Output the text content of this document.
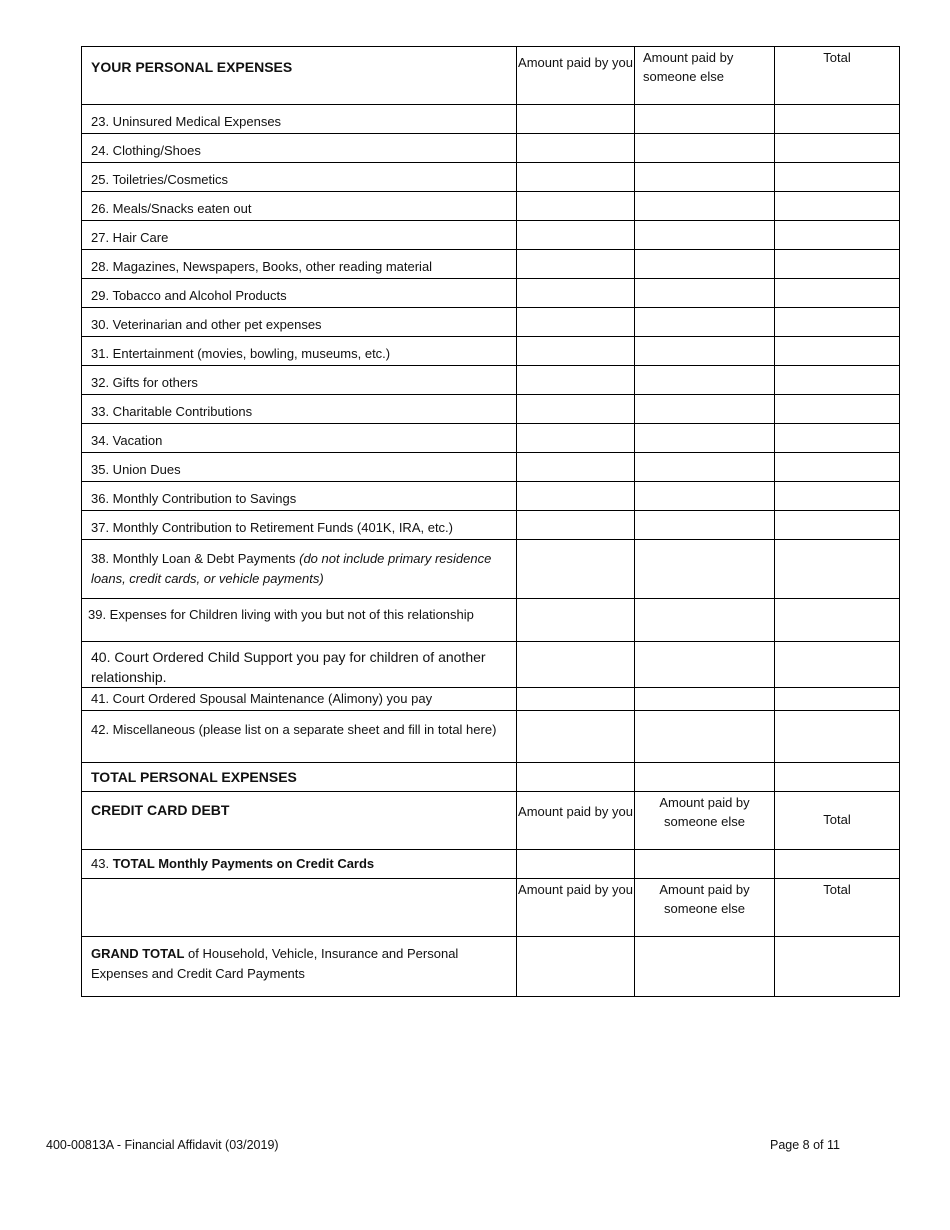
YOUR PERSONAL EXPENSES	Amount paid by you	Amount paid by someone else	Total
23. Uninsured Medical Expenses			
24. Clothing/Shoes			
25. Toiletries/Cosmetics			
26. Meals/Snacks eaten out			
27. Hair Care			
28. Magazines, Newspapers, Books, other reading material			
29. Tobacco and Alcohol Products			
30. Veterinarian and other pet expenses			
31. Entertainment (movies, bowling, museums, etc.)			
32. Gifts for others			
33. Charitable Contributions			
34. Vacation			
35. Union Dues			
36. Monthly Contribution to Savings			
37. Monthly Contribution to Retirement Funds (401K, IRA, etc.)			
38. Monthly Loan & Debt Payments (do not include primary residence loans, credit cards, or vehicle payments)			
39. Expenses for Children living with you but not of this relationship			
40. Court Ordered Child Support you pay for children of another relationship.			
41. Court Ordered Spousal Maintenance (Alimony) you pay			
42. Miscellaneous (please list on a separate sheet and fill in total here)			
TOTAL PERSONAL EXPENSES			

CREDIT CARD DEBT	Amount paid by you	Amount paid by someone else	Total
43. TOTAL Monthly Payments on Credit Cards			
	Amount paid by you	Amount paid by someone else	Total
GRAND TOTAL of Household, Vehicle, Insurance and Personal Expenses and Credit Card Payments			
400-00813A - Financial Affidavit (03/2019)	Page 8 of 11
